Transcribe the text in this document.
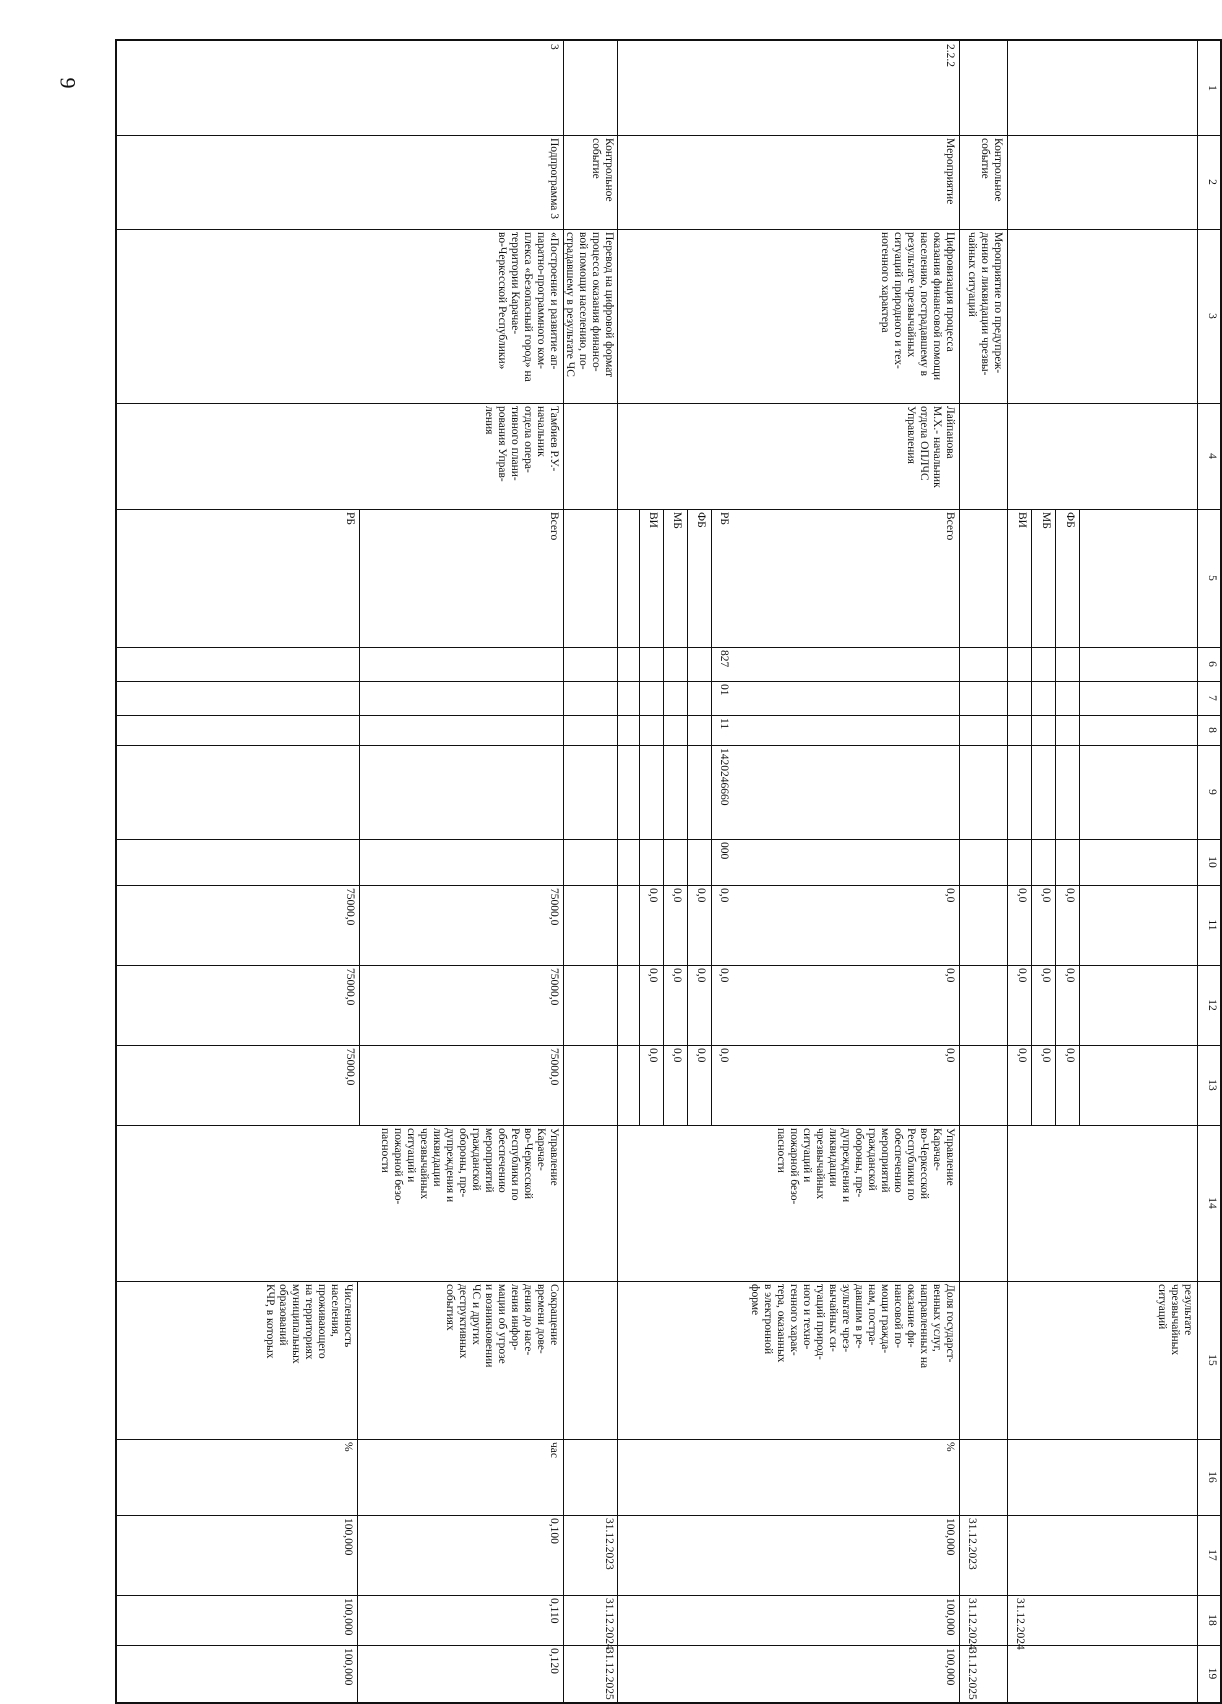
9	1
2
3
4
5
6
7
8
9
10
11
12
13
14
15
16
17
18
19
результате
чрезвычайных
ситуаций
ФБ
МБ
ВИ
0,0
0,0
0,0
0,0
0,0
0,0
0,0
0,0
0,0
31.12.2024
Контрольное
событие
Мероприятие по предупреж-
дению и ликвидации чрезвы-
чайных ситуаций
31.12.2023
31.12.2024
31.12.2025
2.2.2
Мероприятие
Цифровизация процесса
оказания финансовой помощи
населению, пострадавшему в
результате чрезвычайных
ситуаций природного и тех-
ногенного характера
Лайпанова
М.Х.- начальник
отдела ОПЛЧС
Управления
Всего
0,0
0,0
0,0
Управление
Карачае-
во-Черкесской
Республики по
обеспечению
мероприятий
гражданской
обороны, пре-
дупреждения и
ликвидации
чрезвычайных
ситуаций и
пожарной безо-
пасности
Доля государст-
венных услуг,
направленных на
оказание фи-
нансовой по-
мощи гражда-
нам, постра-
давшим в ре-
зультате чрез-
вычайных си-
туаций природ-
ного и техно-
генного харак-
тера, оказанных
в электронной
форме
%
100,000
100,000
100,000
РБ
827
01
11
1420246660
000
0,0
0,0
0,0
ФБ
0,0
0,0
0,0
МБ
0,0
0,0
0,0
ВИ
0,0
0,0
0,0
Контрольное
событие
Перевод на цифровой формат
процесса оказания финансо-
вой помощи населению, по-
страдавшему в результате ЧС
31.12.2023
31.12.2024
31.12.2025
3
Подпрограмма 3
«Построение и развитие ап-
паратно-программного ком-
плекса «Безопасный город» на
территории Карачае-
во-Черкесской Республики»
Тамбиев Р.У.-
начальник
отдела опера-
тивного плани-
рования Управ-
ления
Всего
75000,0
75000,0
75000,0
Управление
Карачае-
во-Черкесской
Республики по
обеспечению
мероприятий
гражданской
обороны, пре-
дупреждения и
ликвидации
чрезвычайных
ситуаций и
пожарной безо-
пасности
Сокращение
времени дове-
дения до насе-
ления инфор-
мации об угрозе
и возникновении
ЧС и других
деструктивных
событиях
час
0,100
0,110
0,120
РБ
75000,0
75000,0
75000,0
Численность
населения,
проживающего
на территориях
муниципальных
образований
КЧР, в которых
%
100,000
100,000
100,000
